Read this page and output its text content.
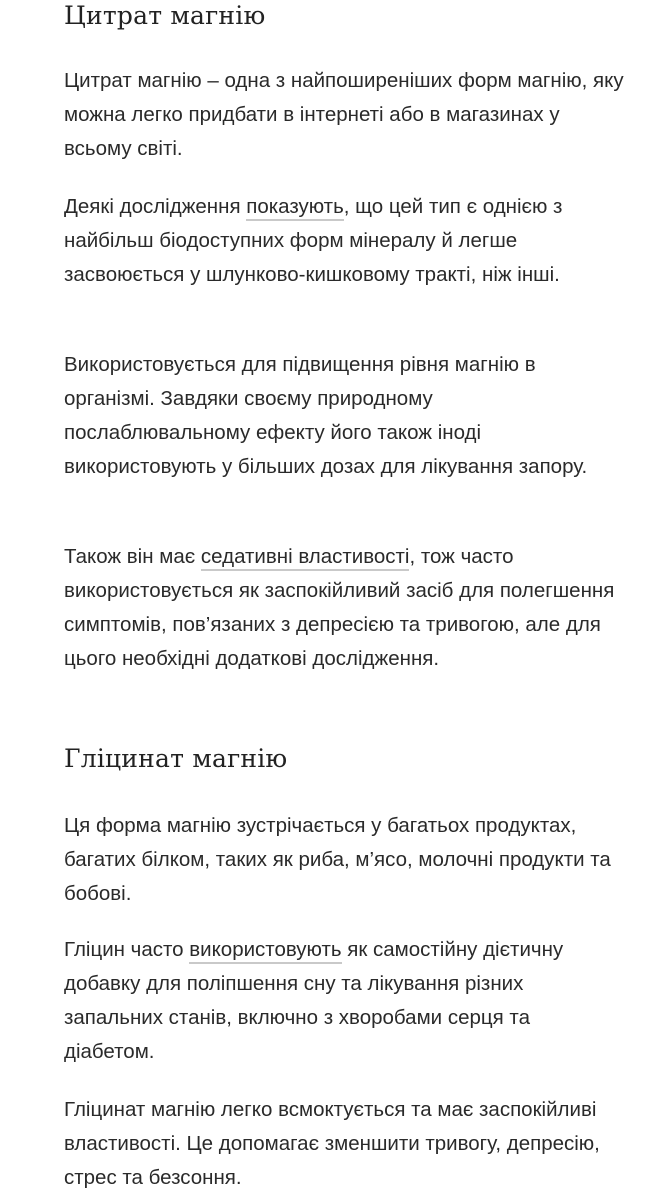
Цитрат магнію

Цитрат магнію – одна з найпоширеніших форм магнію, яку можна легко придбати в інтернеті або в магазинах у всьому світі.

Деякі дослідження показують, що цей тип є однією з найбільш біодоступних форм мінералу й легше засвоюється у шлунково-кишковому тракті, ніж інші.

Використовується для підвищення рівня магнію в організмі. Завдяки своєму природному послаблювальному ефекту його також іноді використовують у більших дозах для лікування запору.

Також він має седативні властивості, тож часто використовується як заспокійливий засіб для полегшення симптомів, пов’язаних з депресією та тривогою, але для цього необхідні додаткові дослідження.

Гліцинат магнію

Ця форма магнію зустрічається у багатьох продуктах, багатих білком, таких як риба, м’ясо, молочні продукти та бобові.

Гліцин часто використовують як самостійну дієтичну добавку для поліпшення сну та лікування різних запальних станів, включно з хворобами серця та діабетом.

Гліцинат магнію легко всмоктується та має заспокійливі властивості. Це допомагає зменшити тривогу, депресію, стрес та безсоння.
